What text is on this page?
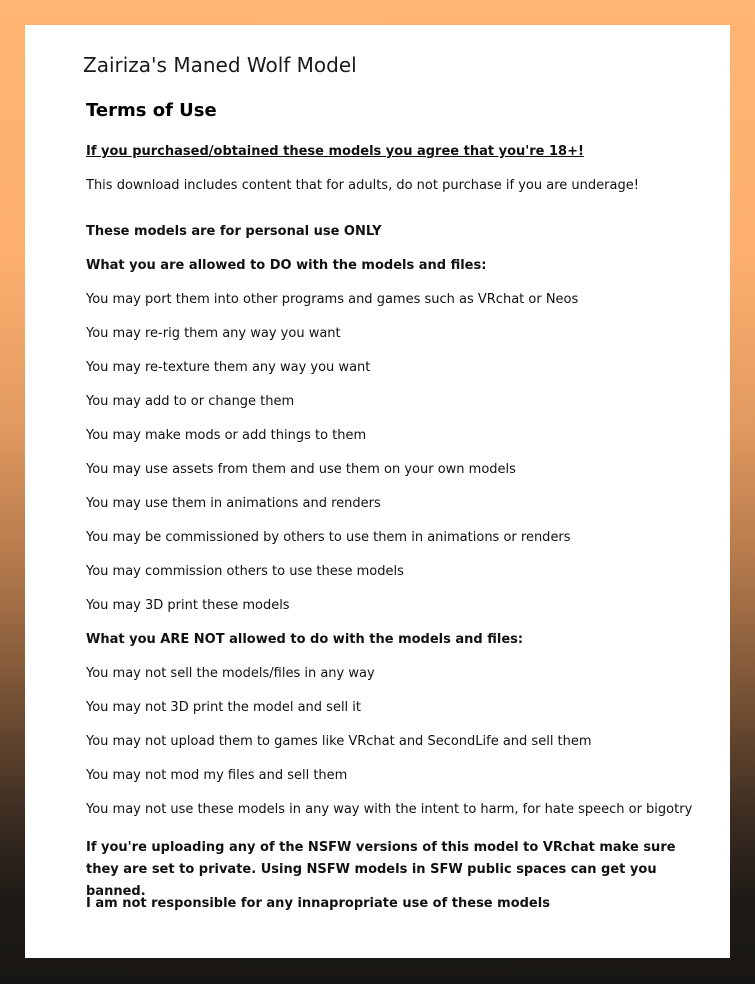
Zairiza's Maned Wolf Model
Terms of Use
If you purchased/obtained these models you agree that you're 18+!
This download includes content that for adults, do not purchase if you are underage!
These models are for personal use ONLY
What you are allowed to DO with the models and files:
You may port them into other programs and games such as VRchat or Neos
You may re-rig them any way you want
You may re-texture them any way you want
You may add to or change them
You may make mods or add things to them
You may use assets from them and use them on your own models
You may use them in animations and renders
You may be commissioned by others to use them in animations or renders
You may commission others to use these models
You may 3D print these models
What you ARE NOT allowed to do with the models and files:
You may not sell the models/files in any way
You may not 3D print the model and sell it
You may not upload them to games like VRchat and SecondLife and sell them
You may not mod my files and sell them
You may not use these models in any way with the intent to harm, for hate speech or bigotry
If you're uploading any of the NSFW versions of this model to VRchat make sure they are set to private. Using NSFW models in SFW public spaces can get you banned.
I am not responsible for any innapropriate use of these models
